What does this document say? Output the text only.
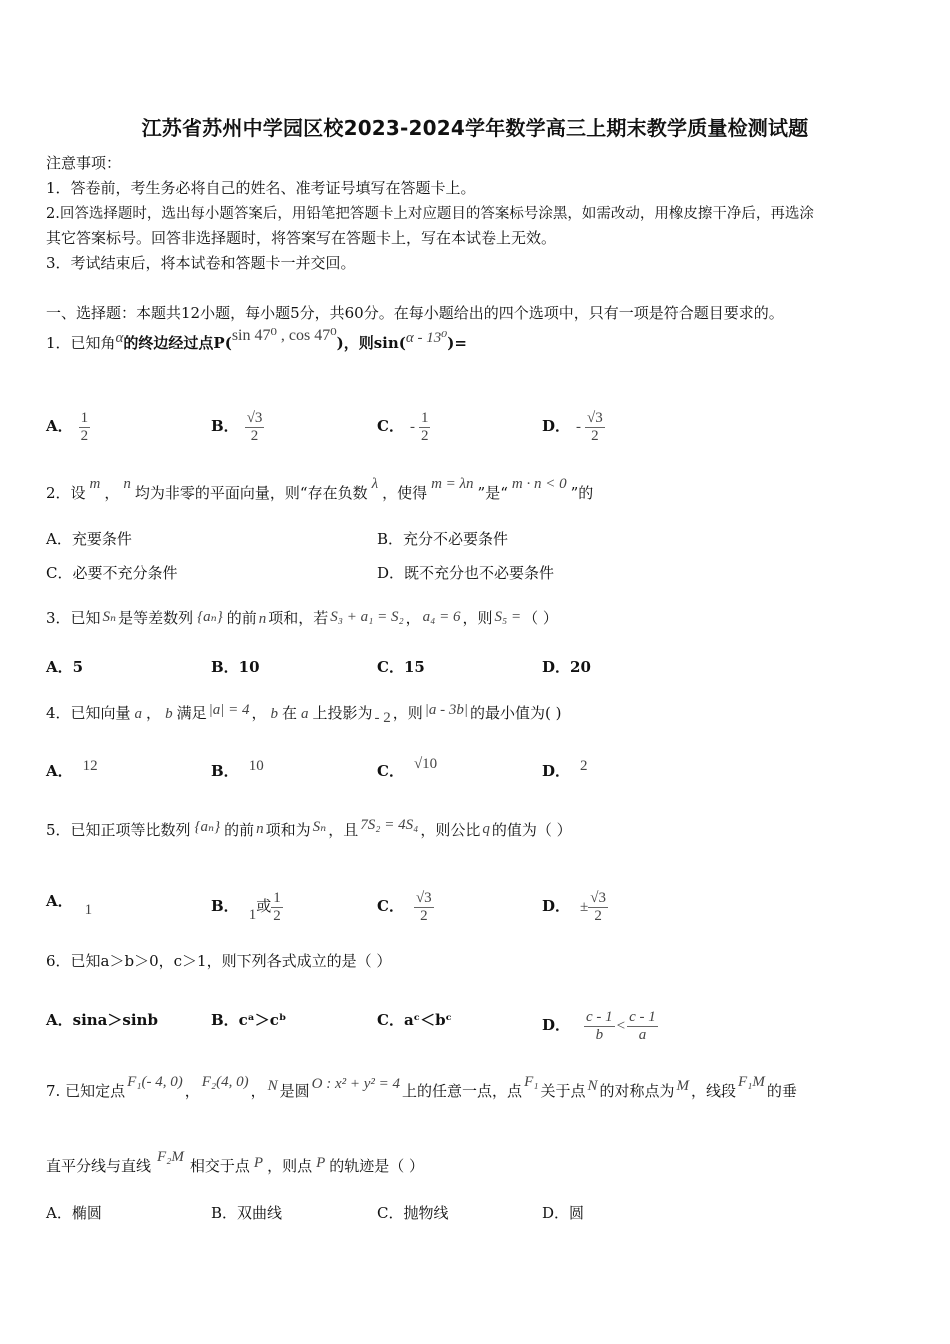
江苏省苏州中学园区校2023-2024学年数学高三上期末教学质量检测试题
注意事项：
1．答卷前，考生务必将自己的姓名、准考证号填写在答题卡上。
2.回答选择题时，选出每小题答案后，用铅笔把答题卡上对应题目的答案标号涂黑，如需改动，用橡皮擦干净后，再选涂
其它答案标号。回答非选择题时，将答案写在答题卡上，写在本试卷上无效。
3．考试结束后，将本试卷和答题卡一并交回。
一、选择题：本题共12小题，每小题5分，共60分。在每小题给出的四个选项中，只有一项是符合题目要求的。
1．已知角α的终边经过点P(sin 47⁰ , cos 47⁰)，则sin(α - 13⁰)=
A． $\frac{1}{2}$	B． $\frac{√3}{2}$	C． - $\frac{1}{2}$	D． - $\frac{√3}{2}$
2．设 m ， n 均为非零的平面向量，则“存在负数 λ ，使得 m = λn ”是“ m · n < 0 ”的
A．充要条件	B．充分不必要条件
C．必要不充分条件	D．既不充分也不必要条件
3．已知 Sₙ 是等差数列 {aₙ} 的前 n 项和，若 S₃ + a₁ = S₂ ， a₄ = 6 ，则 S₅ = （ ）
A．5	B．10	C．15	D．20
4．已知向量 a ， b 满足 |a| = 4 ， b 在 a 上投影为 - 2 ，则 |a - 3b| 的最小值为( )
A． 12	B． 10	C． √10	D． 2
5．已知正项等比数列 {aₙ} 的前 n 项和为 Sₙ ，且 7S₂ = 4S₄ ，则公比 q 的值为（ ）
A． 1	B． 1或 $\frac{1}{2}$	C． $\frac{√3}{2}$	D． ± $\frac{√3}{2}$
6．已知a＞b＞0，c＞1，则下列各式成立的是（ ）
A．sina＞sinb	B．cᵃ＞cᵇ	C．aᶜ＜bᶜ	D． $\frac{c - 1}{b} < \frac{c - 1}{a}$
7. 已知定点 F₁(- 4, 0) ， F₂(4, 0) ， N 是圆 O : x² + y² = 4 上的任意一点，点 F₁ 关于点 N 的对称点为 M ，线段 F₁M 的垂
直平分线与直线 F₂M 相交于点 P ，则点 P 的轨迹是（ ）
A．椭圆	B．双曲线	C．抛物线	D．圆
